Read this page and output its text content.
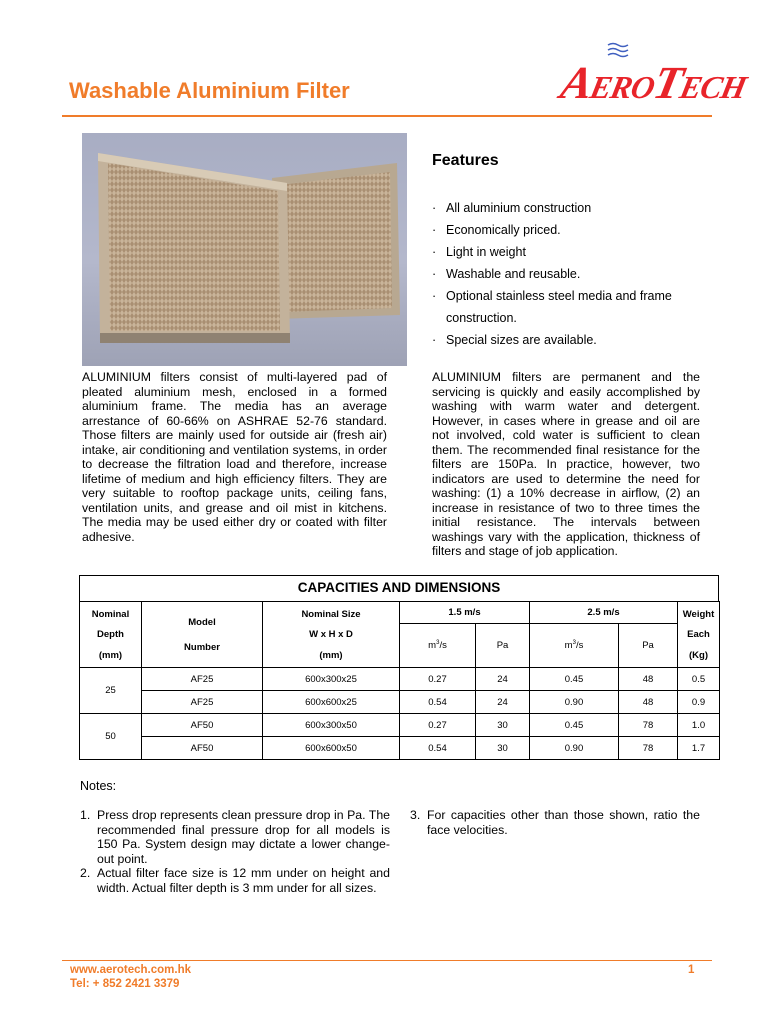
Washable Aluminium Filter	AEROTECH
Features
· All aluminium construction
· Economically priced.
· Light in weight
· Washable and reusable.
· Optional stainless steel media and frame construction.
· Special sizes are available.
ALUMINIUM filters consist of multi-layered pad of pleated aluminium mesh, enclosed in a formed aluminium frame. The media has an average arrestance of 60-66% on ASHRAE 52-76 standard. Those filters are mainly used for outside air (fresh air) intake, air conditioning and ventilation systems, in order to decrease the filtration load and therefore, increase lifetime of medium and high efficiency filters. They are very suitable to rooftop package units, ceiling fans, ventilation units, and grease and oil mist in kitchens. The media may be used either dry or coated with filter adhesive.
ALUMINIUM filters are permanent and the servicing is quickly and easily accomplished by washing with warm water and detergent. However, in cases where in grease and oil are not involved, cold water is sufficient to clean them. The recommended final resistance for the filters are 150Pa. In practice, however, two indicators are used to determine the need for washing: (1) a 10% decrease in airflow, (2) an increase in resistance of two to three times the initial resistance. The intervals between washings vary with the application, thickness of filters and stage of job application.
CAPACITIES AND DIMENSIONS
Nominal
Depth
(mm)	Model
Number	Nominal Size
W x H x D
(mm)	1.5 m/s		2.5 m/s		Weight
Each
(Kg)

			$m^3/s$	Pa	$m^3/s$	Pa	
25	AF25	600x300x25	0.27	24	0.45	48	0.5
	AF25	600x600x25	0.54	24	0.90	48	0.9
50	AF50	600x300x50	0.27	30	0.45	78	1.0
	AF50	600x600x50	0.54	30	0.90	78	1.7
Notes:
1. Press drop represents clean pressure drop in Pa. The recommended final pressure drop for all models is 150 Pa. System design may dictate a lower change-out point.
2. Actual filter face size is 12 mm under on height and width. Actual filter depth is 3 mm under for all sizes.
3. For capacities other than those shown, ratio the face velocities.
www.aerotech.com.hk
Tel: + 852 2421 3379
1
